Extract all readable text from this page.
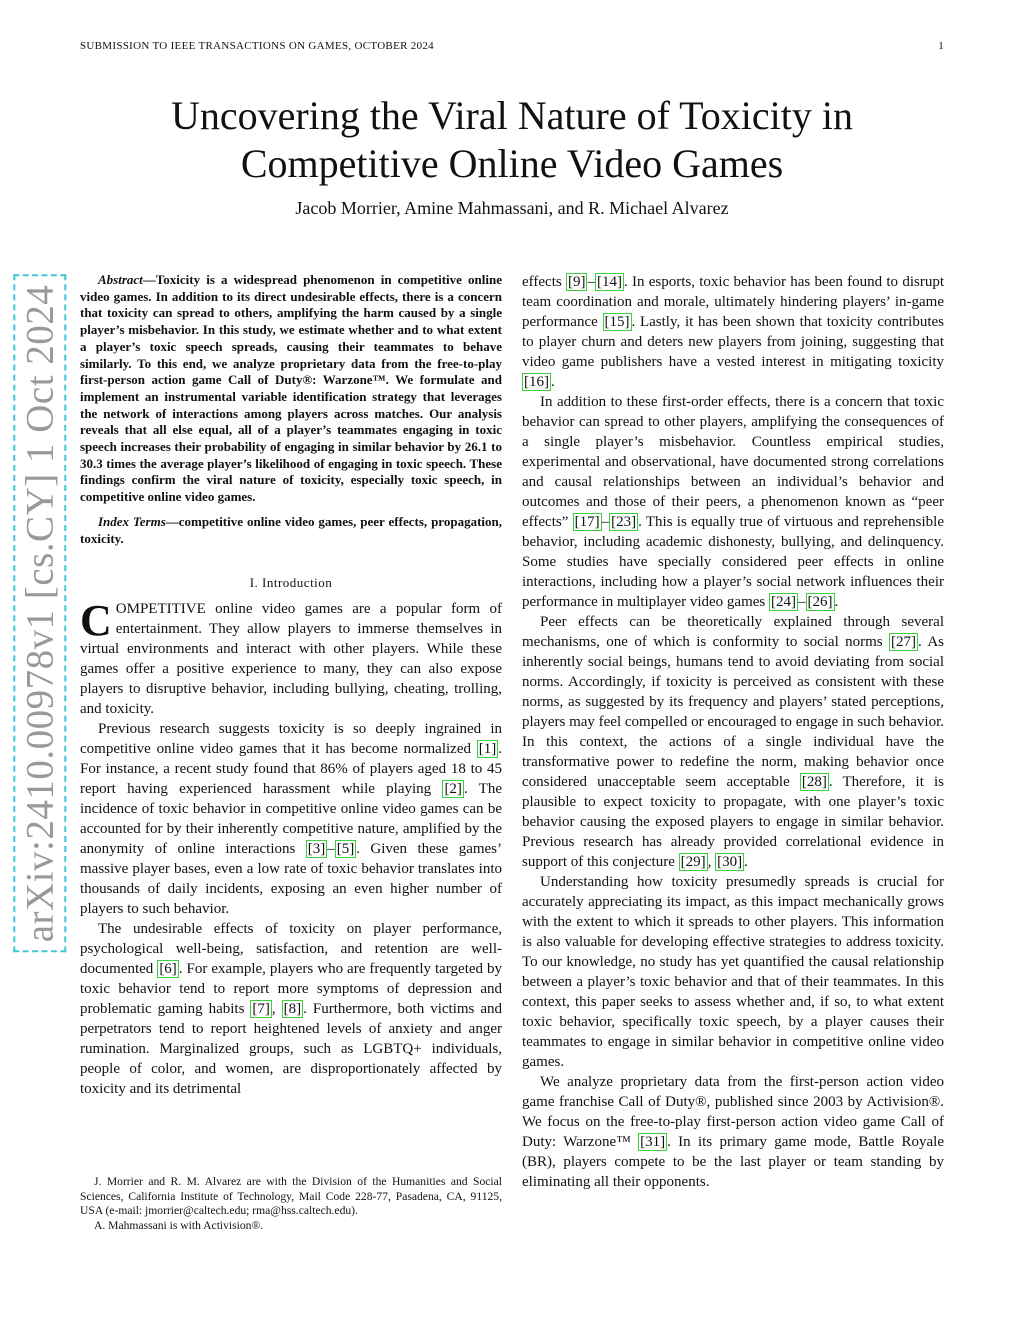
SUBMISSION TO IEEE TRANSACTIONS ON GAMES, OCTOBER 2024	1
Uncovering the Viral Nature of Toxicity in
Competitive Online Video Games
Jacob Morrier, Amine Mahmassani, and R. Michael Alvarez
arXiv:2410.00978v1 [cs.CY] 1 Oct 2024

Abstract—Toxicity is a widespread phenomenon in competitive online video games. In addition to its direct undesirable effects, there is a concern that toxicity can spread to others, amplifying the harm caused by a single player’s misbehavior. In this study, we estimate whether and to what extent a player’s toxic speech spreads, causing their teammates to behave similarly. To this end, we analyze proprietary data from the free-to-play first-person action game Call of Duty®: Warzone™. We formulate and implement an instrumental variable identification strategy that leverages the network of interactions among players across matches. Our analysis reveals that all else equal, all of a player’s teammates engaging in toxic speech increases their probability of engaging in similar behavior by 26.1 to 30.3 times the average player’s likelihood of engaging in toxic speech. These findings confirm the viral nature of toxicity, especially toxic speech, in competitive online video games.

Index Terms—competitive online video games, peer effects, propagation, toxicity.

I. Introduction

COMPETITIVE online video games are a popular form of entertainment. They allow players to immerse themselves in virtual environments and interact with other players. While these games offer a positive experience to many, they can also expose players to disruptive behavior, including bullying, cheating, trolling, and toxicity.

Previous research suggests toxicity is so deeply ingrained in competitive online video games that it has become normalized [1] . For instance, a recent study found that 86% of players aged 18 to 45 report having experienced harassment while playing [2] . The incidence of toxic behavior in competitive online video games can be accounted for by their inherently competitive nature, amplified by the anonymity of online interactions [3] – [5] . Given these games’ massive player bases, even a low rate of toxic behavior translates into thousands of daily incidents, exposing an even higher number of players to such behavior.

The undesirable effects of toxicity on player performance, psychological well-being, satisfaction, and retention are well-documented [6] . For example, players who are frequently targeted by toxic behavior tend to report more symptoms of depression and problematic gaming habits [7] , [8] . Furthermore, both victims and perpetrators tend to report heightened levels of anxiety and anger rumination. Marginalized groups, such as LGBTQ+ individuals, people of color, and women, are disproportionately affected by toxicity and its detrimental

J. Morrier and R. M. Alvarez are with the Division of the Humanities and Social Sciences, California Institute of Technology, Mail Code 228-77, Pasadena, CA, 91125, USA (e-mail: jmorrier@caltech.edu; rma@hss.caltech.edu).

A. Mahmassani is with Activision®.

effects [9] – [14] . In esports, toxic behavior has been found to disrupt team coordination and morale, ultimately hindering players’ in-game performance [15] . Lastly, it has been shown that toxicity contributes to player churn and deters new players from joining, suggesting that video game publishers have a vested interest in mitigating toxicity [16] .

In addition to these first-order effects, there is a concern that toxic behavior can spread to other players, amplifying the consequences of a single player’s misbehavior. Countless empirical studies, experimental and observational, have documented strong correlations and causal relationships between an individual’s behavior and outcomes and those of their peers, a phenomenon known as “peer effects” [17] – [23] . This is equally true of virtuous and reprehensible behavior, including academic dishonesty, bullying, and delinquency. Some studies have specially considered peer effects in online interactions, including how a player’s social network influences their performance in multiplayer video games [24] – [26] .

Peer effects can be theoretically explained through several mechanisms, one of which is conformity to social norms [27] . As inherently social beings, humans tend to avoid deviating from social norms. Accordingly, if toxicity is perceived as consistent with these norms, as suggested by its frequency and players’ stated perceptions, players may feel compelled or encouraged to engage in such behavior. In this context, the actions of a single individual have the transformative power to redefine the norm, making behavior once considered unacceptable seem acceptable [28] . Therefore, it is plausible to expect toxicity to propagate, with one player’s toxic behavior causing the exposed players to engage in similar behavior. Previous research has already provided correlational evidence in support of this conjecture [29] , [30] .

Understanding how toxicity presumedly spreads is crucial for accurately appreciating its impact, as this impact mechanically grows with the extent to which it spreads to other players. This information is also valuable for developing effective strategies to address toxicity. To our knowledge, no study has yet quantified the causal relationship between a player’s toxic behavior and that of their teammates. In this context, this paper seeks to assess whether and, if so, to what extent toxic behavior, specifically toxic speech, by a player causes their teammates to engage in similar behavior in competitive online video games.

We analyze proprietary data from the first-person action video game franchise Call of Duty®, published since 2003 by Activision®. We focus on the free-to-play first-person action video game Call of Duty: Warzone™ [31] . In its primary game mode, Battle Royale (BR), players compete to be the last player or team standing by eliminating all their opponents.
